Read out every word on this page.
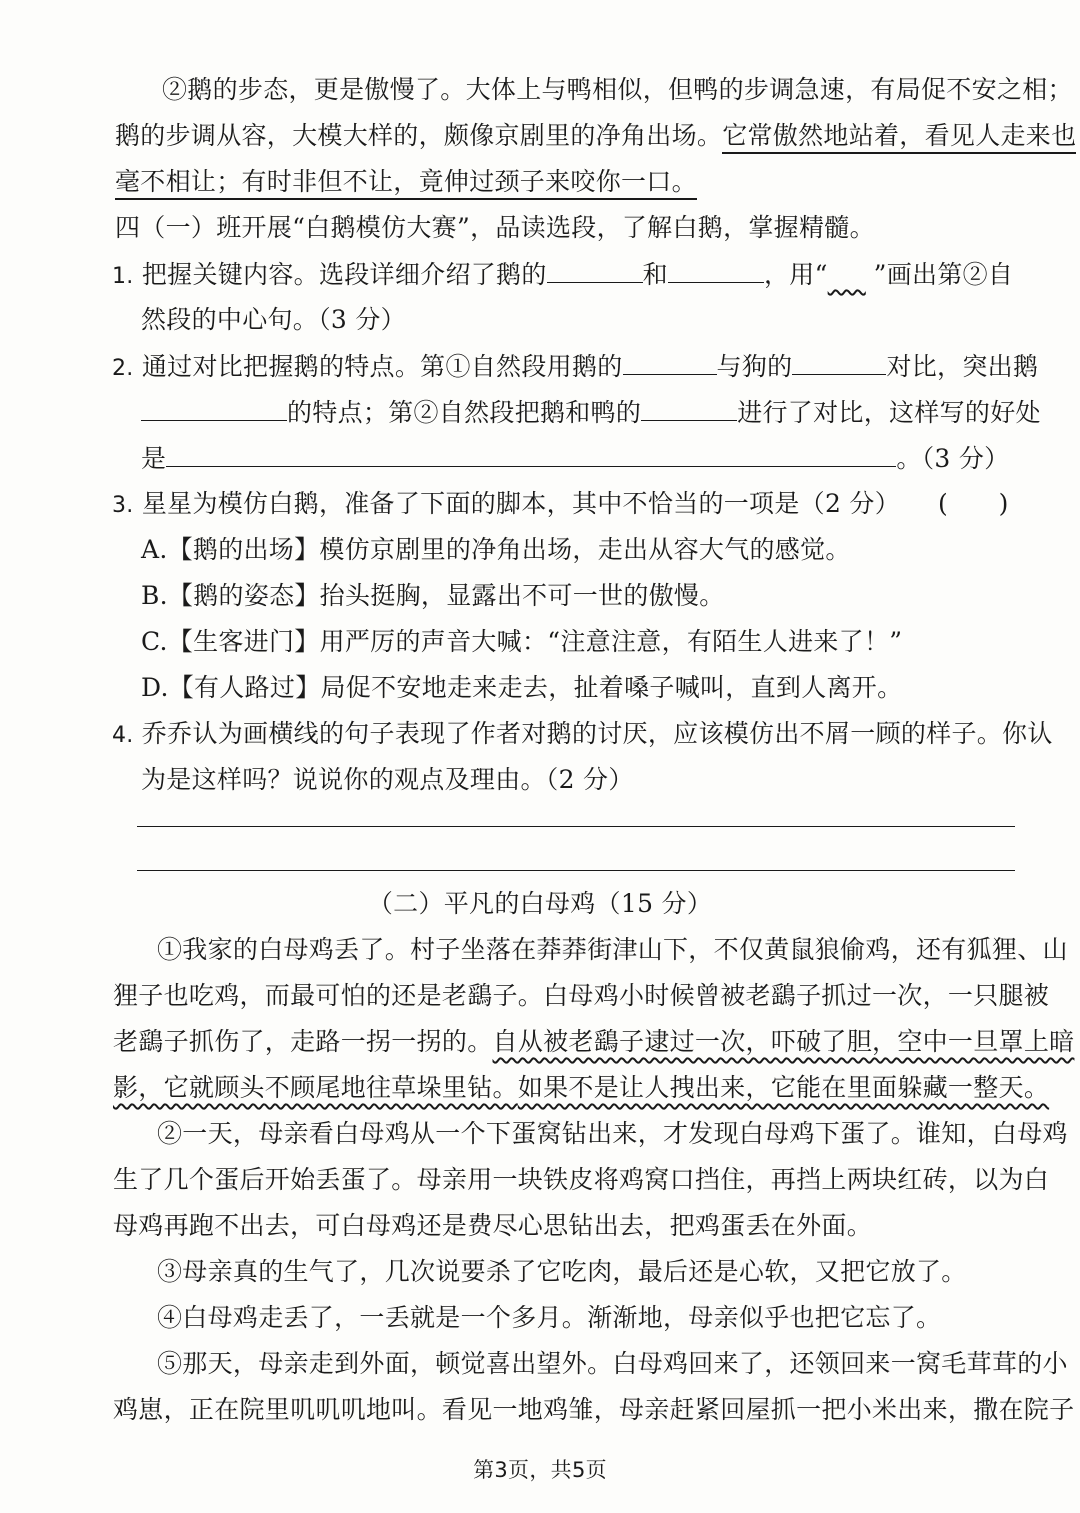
②鹅的步态，更是傲慢了。大体上与鸭相似，但鸭的步调急速，有局促不安之相；
鹅的步调从容，大模大样的，颇像京剧里的净角出场。它常傲然地站着，看见人走来也
毫不相让；有时非但不让，竟伸过颈子来咬你一口。
四（一）班开展“白鹅模仿大赛”，品读选段，了解白鹅，掌握精髓。
1. 把握关键内容。选段详细介绍了鹅的	和	，用“   ”画出第②自
然段的中心句。（3 分）
2. 通过对比把握鹅的特点。第①自然段用鹅的	与狗的	对比，突出鹅
的特点；第②自然段把鹅和鸭的	进行了对比，这样写的好处
是	。（3 分）
3. 星星为模仿白鹅，准备了下面的脚本，其中不恰当的一项是（2 分） (　　)
A.【鹅的出场】模仿京剧里的净角出场，走出从容大气的感觉。
B.【鹅的姿态】抬头挺胸，显露出不可一世的傲慢。
C.【生客进门】用严厉的声音大喊：“注意注意，有陌生人进来了！”
D.【有人路过】局促不安地走来走去，扯着嗓子喊叫，直到人离开。
4. 乔乔认为画横线的句子表现了作者对鹅的讨厌，应该模仿出不屑一顾的样子。你认
为是这样吗？说说你的观点及理由。（2 分）
（二）平凡的白母鸡（15 分）
①我家的白母鸡丢了。村子坐落在莽莽街津山下，不仅黄鼠狼偷鸡，还有狐狸、山
狸子也吃鸡，而最可怕的还是老鷂子。白母鸡小时候曾被老鷂子抓过一次，一只腿被
老鷂子抓伤了，走路一拐一拐的。自从被老鷂子逮过一次，吓破了胆，空中一旦罩上暗
影，它就顾头不顾尾地往草垛里钻。如果不是让人拽出来，它能在里面躲藏一整天。
②一天，母亲看白母鸡从一个下蛋窝钻出来，才发现白母鸡下蛋了。谁知，白母鸡
生了几个蛋后开始丢蛋了。母亲用一块铁皮将鸡窝口挡住，再挡上两块红砖，以为白
母鸡再跑不出去，可白母鸡还是费尽心思钻出去，把鸡蛋丢在外面。
③母亲真的生气了，几次说要杀了它吃肉，最后还是心软，又把它放了。
④白母鸡走丢了，一丢就是一个多月。渐渐地，母亲似乎也把它忘了。
⑤那天，母亲走到外面，顿觉喜出望外。白母鸡回来了，还领回来一窝毛茸茸的小
鸡崽，正在院里叽叽叽地叫。看见一地鸡雏，母亲赶紧回屋抓一把小米出来，撒在院子
第3页，共5页
